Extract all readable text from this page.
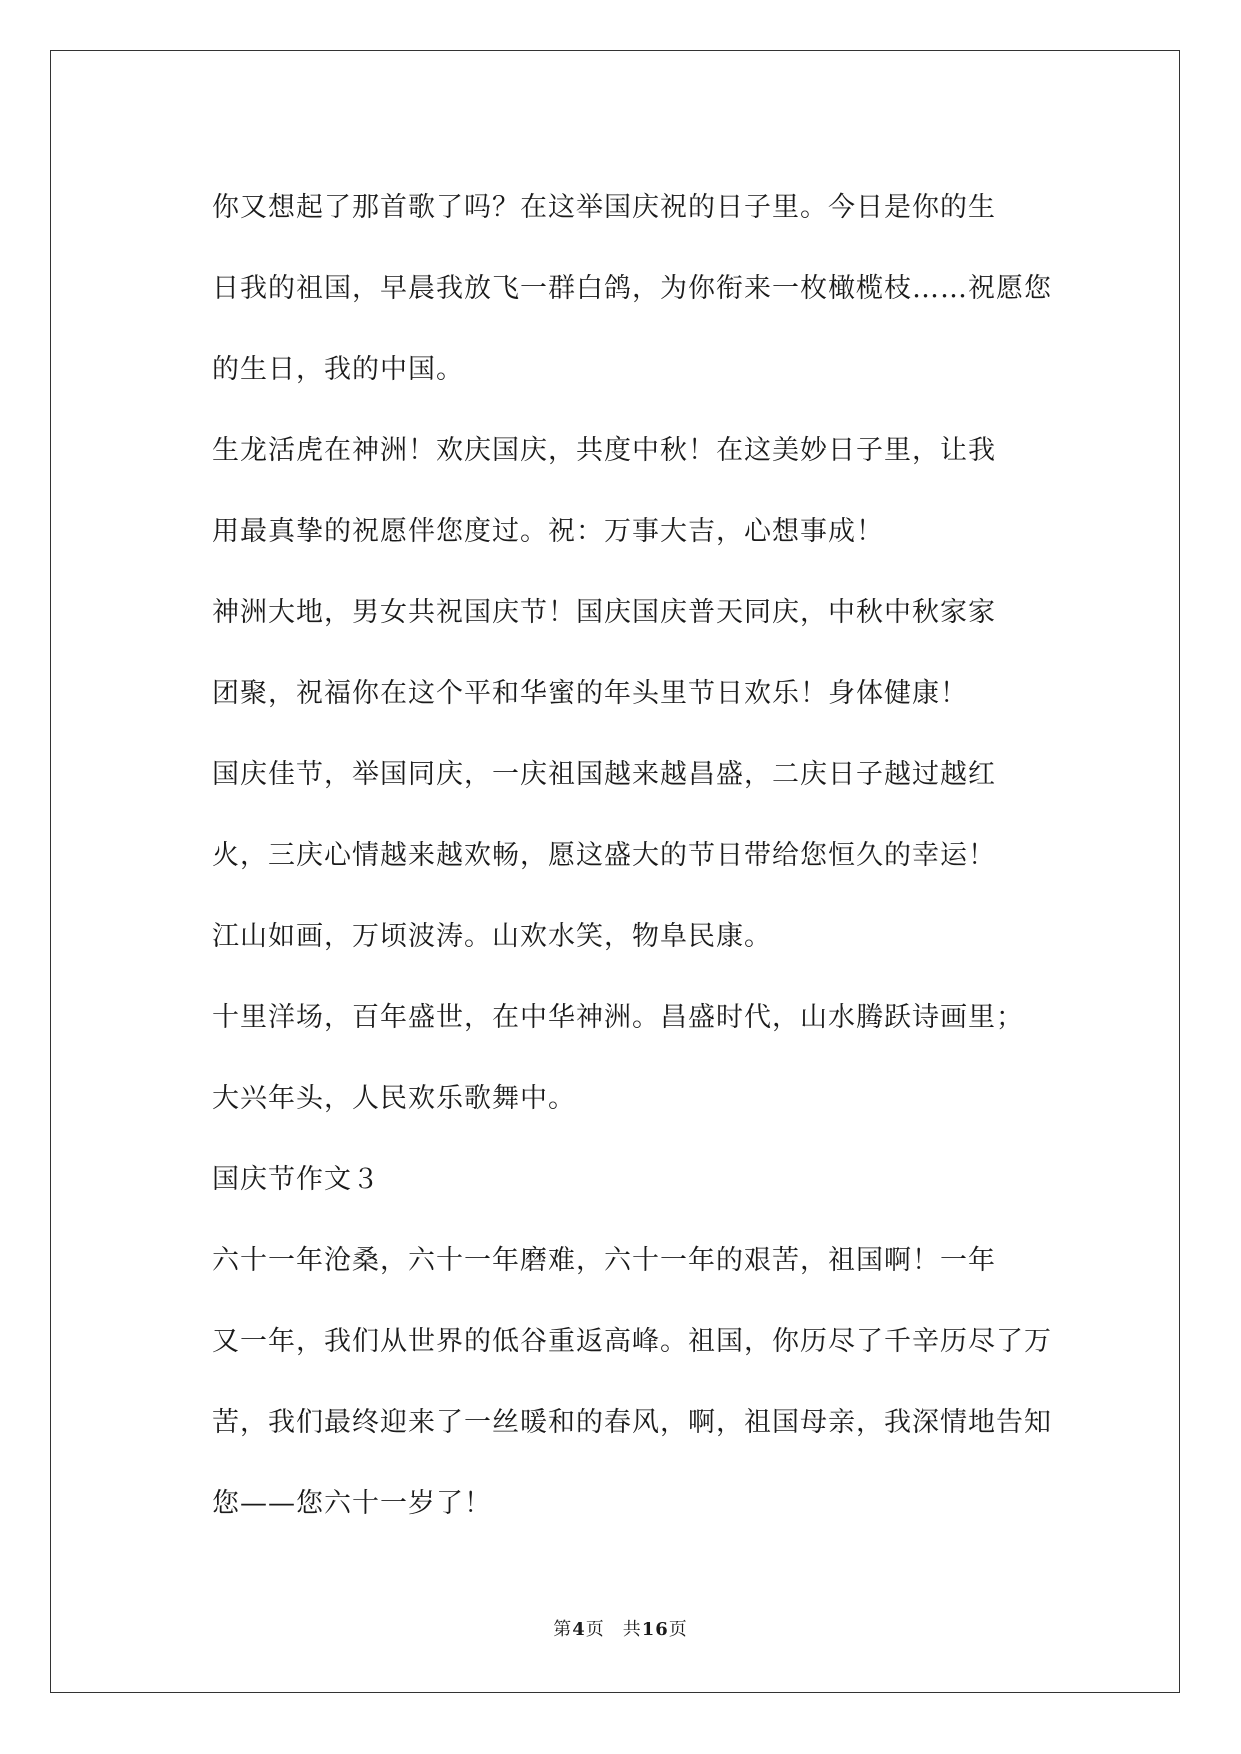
你又想起了那首歌了吗？在这举国庆祝的日子里。今日是你的生
日我的祖国，早晨我放飞一群白鸽，为你衔来一枚橄榄枝……祝愿您
的生日，我的中国。

生龙活虎在神洲！欢庆国庆，共度中秋！在这美妙日子里，让我
用最真挚的祝愿伴您度过。祝：万事大吉，心想事成！

神洲大地，男女共祝国庆节！国庆国庆普天同庆，中秋中秋家家
团聚，祝福你在这个平和华蜜的年头里节日欢乐！身体健康！

国庆佳节，举国同庆，一庆祖国越来越昌盛，二庆日子越过越红
火，三庆心情越来越欢畅，愿这盛大的节日带给您恒久的幸运！

江山如画，万顷波涛。山欢水笑，物阜民康。

十里洋场，百年盛世，在中华神洲。昌盛时代，山水腾跃诗画里；
大兴年头，人民欢乐歌舞中。

国庆节作文３

六十一年沧桑，六十一年磨难，六十一年的艰苦，祖国啊！一年
又一年，我们从世界的低谷重返高峰。祖国，你历尽了千辛历尽了万
苦，我们最终迎来了一丝暖和的春风，啊，祖国母亲，我深情地告知
您——您六十一岁了！

第4页 共16页
